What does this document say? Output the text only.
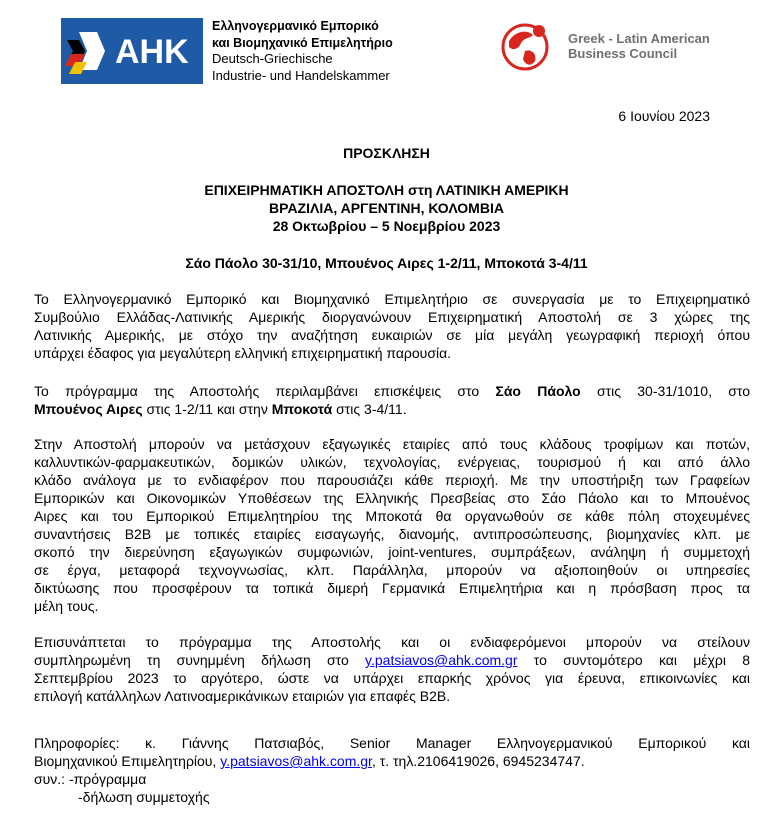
AHK
Ελληνογερμανικό Εμπορικό
και Βιομηχανικό Επιμελητήριο
Deutsch-Griechische
Industrie- und Handelskammer
Greek - Latin American
Business Council
6 Ιουνίου 2023
ΠΡΟΣΚΛΗΣΗ
ΕΠΙΧΕΙΡΗΜΑΤΙΚΗ ΑΠΟΣΤΟΛΗ στη ΛΑΤΙΝΙΚΗ ΑΜΕΡΙΚΗ
ΒΡΑΖΙΛΙΑ, ΑΡΓΕΝΤΙΝΗ, ΚΟΛΟΜΒΙΑ
28 Οκτωβρίου – 5 Νοεμβρίου 2023
Σάο Πάολο 30-31/10, Μπουένος Αιρες 1-2/11, Μποκοτά 3-4/11
Το Ελληνογερμανικό Εμπορικό και Βιομηχανικό Επιμελητήριο σε συνεργασία με το Επιχειρηματικό
Συμβούλιο Ελλάδας-Λατινικής Αμερικής διοργανώνουν Επιχειρηματική Αποστολή σε 3 χώρες της
Λατινικής Αμερικής, με στόχο την αναζήτηση ευκαιριών σε μία μεγάλη γεωγραφική περιοχή όπου
υπάρχει έδαφος για μεγαλύτερη ελληνική επιχειρηματική παρουσία.
Το πρόγραμμα της Αποστολής περιλαμβάνει επισκέψεις στο Σάο Πάολο στις 30-31/1010, στο
Μπουένος Αιρες στις 1-2/11 και στην Μποκοτά στις 3-4/11.
Στην Αποστολή μπορούν να μετάσχουν εξαγωγικές εταιρίες από τους κλάδους τροφίμων και ποτών,
καλλυντικών-φαρμακευτικών, δομικών υλικών, τεχνολογίας, ενέργειας, τουρισμού ή και από άλλο
κλάδο ανάλογα με το ενδιαφέρον που παρουσιάζει κάθε περιοχή. Με την υποστήριξη των Γραφείων
Εμπορικών και Οικονομικών Υποθέσεων της Ελληνικής Πρεσβείας στο Σάο Πάολο και το Μπουένος
Αιρες και του Εμπορικού Επιμελητηρίου της Μποκοτά θα οργανωθούν σε κάθε πόλη στοχευμένες
συναντήσεις B2B με τοπικές εταιρίες εισαγωγής, διανομής, αντιπροσώπευσης, βιομηχανίες κλπ. με
σκοπό την διερεύνηση εξαγωγικών συμφωνιών, joint-ventures, συμπράξεων, ανάληψη ή συμμετοχή
σε έργα, μεταφορά τεχνογνωσίας, κλπ. Παράλληλα, μπορούν να αξιοποιηθούν οι υπηρεσίες
δικτύωσης που προσφέρουν τα τοπικά διμερή Γερμανικά Επιμελητήρια και η πρόσβαση προς τα
μέλη τους.
Επισυνάπτεται το πρόγραμμα της Αποστολής και οι ενδιαφερόμενοι μπορούν να στείλουν
συμπληρωμένη τη συνημμένη δήλωση στο y.patsiavos@ahk.com.gr το συντομότερο και μέχρι 8
Σεπτεμβρίου 2023 το αργότερο, ώστε να υπάρχει επαρκής χρόνος για έρευνα, επικοινωνίες και
επιλογή κατάλληλων Λατινοαμερικάνικων εταιριών για επαφές B2B.
Πληροφορίες: κ. Γιάννης Πατσιαβός, Senior Manager Ελληνογερμανικού Εμπορικού και
Βιομηχανικού Επιμελητηρίου, y.patsiavos@ahk.com.gr, τ. τηλ.2106419026, 6945234747.
συν.: -πρόγραμμα
-δήλωση συμμετοχής
